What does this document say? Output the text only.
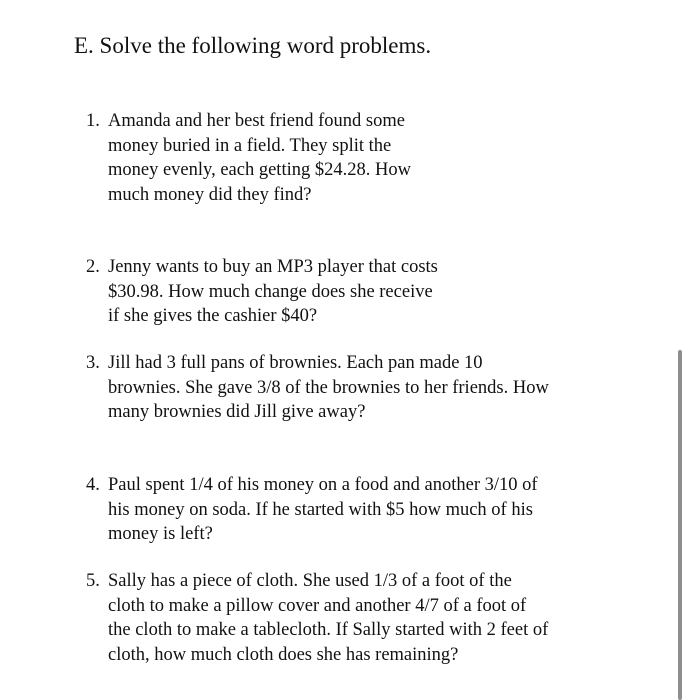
E. Solve the following word problems.
1. Amanda and her best friend found some
money buried in a field. They split the
money evenly, each getting $24.28. How
much money did they find?
2. Jenny wants to buy an MP3 player that costs
$30.98. How much change does she receive
if she gives the cashier $40?
3. Jill had 3 full pans of brownies. Each pan made 10
brownies. She gave 3/8 of the brownies to her friends. How
many brownies did Jill give away?
4. Paul spent 1/4 of his money on a food and another 3/10 of
his money on soda. If he started with $5 how much of his
money is left?
5. Sally has a piece of cloth. She used 1/3 of a foot of the
cloth to make a pillow cover and another 4/7 of a foot of
the cloth to make a tablecloth. If Sally started with 2 feet of
cloth, how much cloth does she has remaining?
